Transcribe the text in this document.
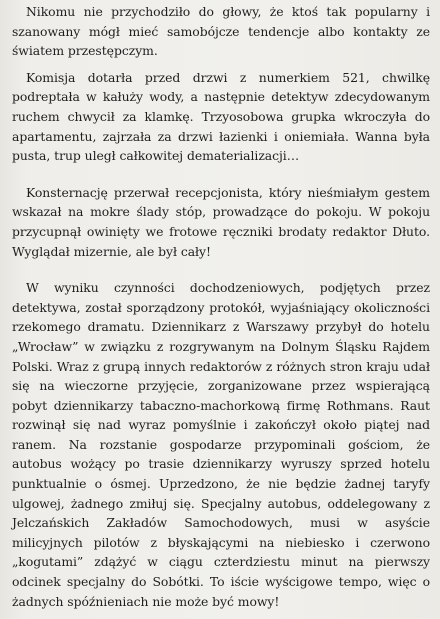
Nikomu nie przychodziło do głowy, że ktoś tak popularny i szanowany mógł mieć samobójcze tendencje albo kontakty ze światem przestępczym.

Komisja dotarła przed drzwi z numerkiem 521, chwilkę podreptała w kałuży wody, a następnie detektyw zdecydowanym ruchem chwycił za klamkę. Trzyosobowa grupka wkroczyła do apartamentu, zajrzała za drzwi łazienki i oniemiała. Wanna była pusta, trup uległ całkowitej dematerializacji…

Konsternację przerwał recepcjonista, który nieśmiałym gestem wskazał na mokre ślady stóp, prowadzące do pokoju. W pokoju przycupnął owinięty we frotowe ręczniki brodaty redaktor Dłuto. Wyglądał mizernie, ale był cały!

W wyniku czynności dochodzeniowych, podjętych przez detektywa, został sporządzony protokół, wyjaśniający okoliczności rzekomego dramatu. Dziennikarz z Warszawy przybył do hotelu „Wrocław” w związku z rozgrywanym na Dolnym Śląsku Rajdem Polski. Wraz z grupą innych redaktorów z różnych stron kraju udał się na wieczorne przyjęcie, zorganizowane przez wspierającą pobyt dziennikarzy tabaczno-machorkową firmę Rothmans. Raut rozwinął się nad wyraz pomyślnie i zakończył około piątej nad ranem. Na rozstanie gospodarze przypominali gościom, że autobus wożący po trasie dziennikarzy wyruszy sprzed hotelu punktualnie o ósmej. Uprzedzono, że nie będzie żadnej taryfy ulgowej, żadnego zmiłuj się. Specjalny autobus, oddelegowany z Jelczańskich Zakładów Samochodowych, musi w asyście milicyjnych pilotów z błyskającymi na niebiesko i czerwono „kogutami” zdążyć w ciągu czterdziestu minut na pierwszy odcinek specjalny do Sobótki. To iście wyścigowe tempo, więc o żadnych spóźnieniach nie może być mowy!
